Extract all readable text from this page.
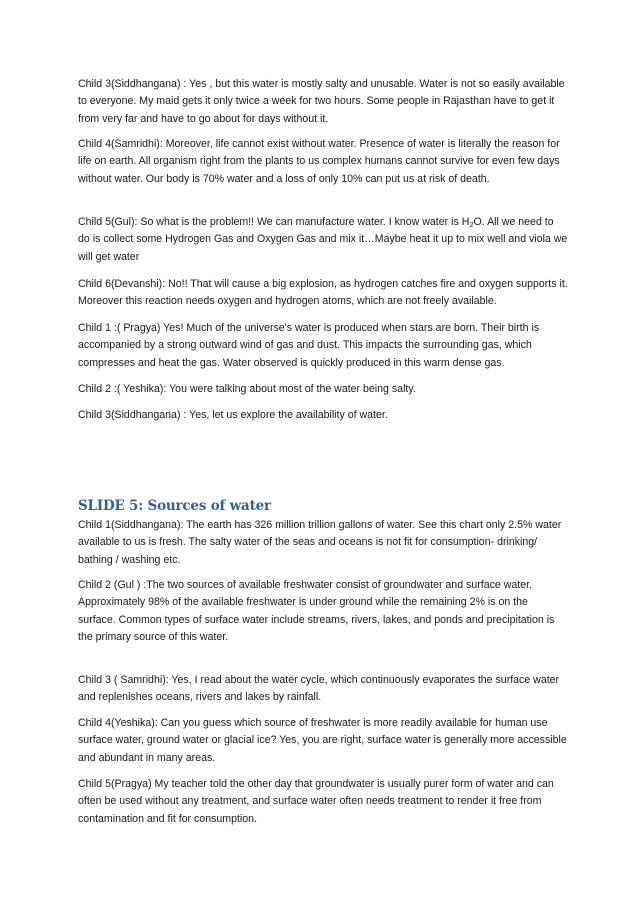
Child 3(Siddhangana) : Yes , but this water is mostly salty and unusable. Water is not so easily available to everyone. My maid gets it only twice a week for two hours. Some people in Rajasthan have to get it from very far and have to go about for days without it.

Child 4(Samridhi): Moreover, life cannot exist without water. Presence of water is literally the reason for life on earth. All organism right from the plants to us complex humans cannot survive for even few days without water. Our body is 70% water and a loss of only 10% can put us at risk of death.

Child 5(Gul): So what is the problem!! We can manufacture water. I know water is $H_2O$. All we need to do is collect some Hydrogen Gas and Oxygen Gas and mix it…Maybe heat it up to mix well and viola we will get water

Child 6(Devanshi): No!! That will cause a big explosion, as hydrogen catches fire and oxygen supports it. Moreover this reaction needs oxygen and hydrogen atoms, which are not freely available.

Child 1 :( Pragya) Yes! Much of the universe's water is produced when stars are born. Their birth is accompanied by a strong outward wind of gas and dust. This impacts the surrounding gas, which compresses and heat the gas. Water observed is quickly produced in this warm dense gas.

Child 2 :( Yeshika): You were talking about most of the water being salty.

Child 3(Siddhangana) : Yes, let us explore the availability of water.

SLIDE 5: Sources of water

Child 1(Siddhangana): The earth has 326 million trillion gallons of water. See this chart only 2.5% water available to us is fresh. The salty water of the seas and oceans is not fit for consumption- drinking/ bathing / washing etc.

Child 2 (Gul ) :The two sources of available freshwater consist of groundwater and surface water. Approximately 98% of the available freshwater is under ground while the remaining 2% is on the surface. Common types of surface water include streams, rivers, lakes, and ponds and precipitation is the primary source of this water.

Child 3 ( Samridhi): Yes, I read about the water cycle, which continuously evaporates the surface water and replenishes oceans, rivers and lakes by rainfall.

Child 4(Yeshika): Can you guess which source of freshwater is more readily available for human use surface water, ground water or glacial ice? Yes, you are right, surface water is generally more accessible and abundant in many areas.

Child 5(Pragya) My teacher told the other day that groundwater is usually purer form of water and can often be used without any treatment, and surface water often needs treatment to render it free from contamination and fit for consumption.
